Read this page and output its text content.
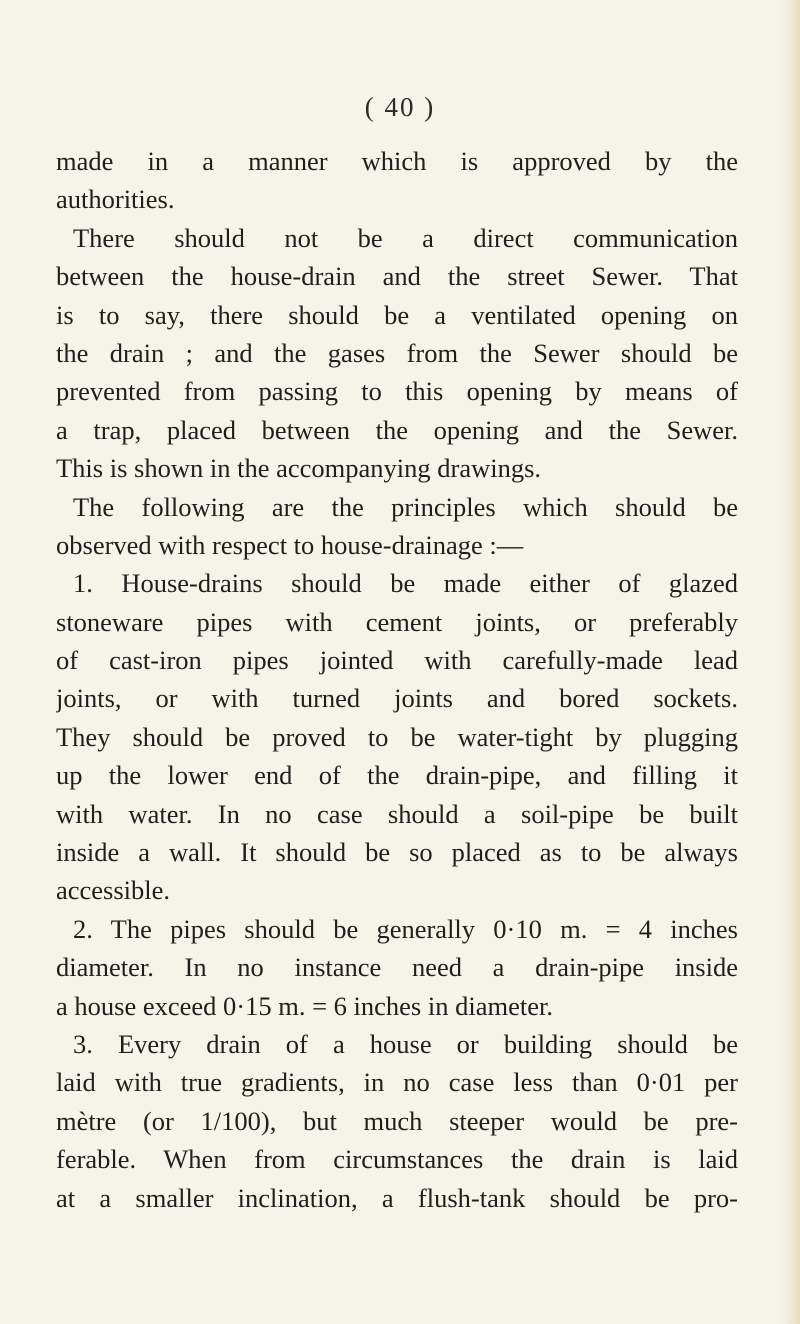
( 40 )
made in a manner which is approved by the
authorities.
There should not be a direct communication
between the house-drain and the street Sewer. That
is to say, there should be a ventilated opening on
the drain ; and the gases from the Sewer should be
prevented from passing to this opening by means of
a trap, placed between the opening and the Sewer.
This is shown in the accompanying drawings.
The following are the principles which should be
observed with respect to house-drainage :—
1. House-drains should be made either of glazed
stoneware pipes with cement joints, or preferably
of cast-iron pipes jointed with carefully-made lead
joints, or with turned joints and bored sockets.
They should be proved to be water-tight by plugging
up the lower end of the drain-pipe, and filling it
with water. In no case should a soil-pipe be built
inside a wall. It should be so placed as to be always
accessible.
2. The pipes should be generally 0·10 m. = 4 inches
diameter. In no instance need a drain-pipe inside
a house exceed 0·15 m. = 6 inches in diameter.
3. Every drain of a house or building should be
laid with true gradients, in no case less than 0·01 per
mètre (or 1/100), but much steeper would be pre-
ferable. When from circumstances the drain is laid
at a smaller inclination, a flush-tank should be pro-
